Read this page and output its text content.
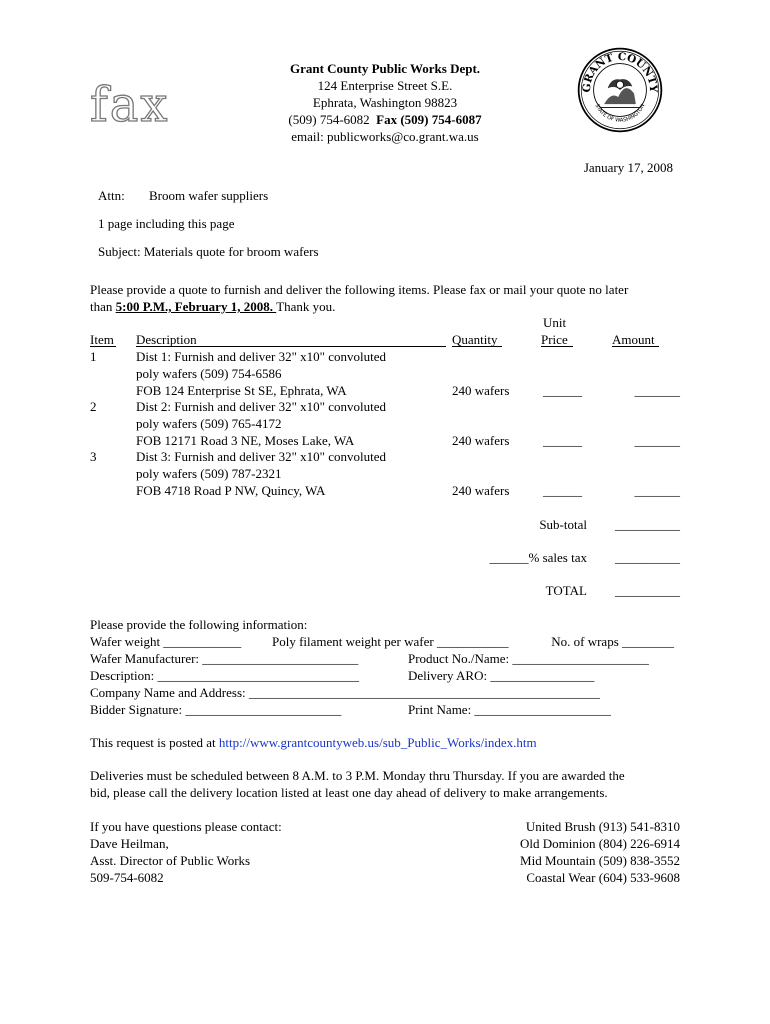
fax
Grant County Public Works Dept.
124 Enterprise Street S.E.
Ephrata, Washington 98823
(509) 754-6082 Fax (509) 754-6087
email: publicworks@co.grant.wa.us
GRANT COUNTY
STATE OF WASHINGTON
January 17, 2008
Attn: Broom wafer suppliers
1 page including this page
Subject: Materials quote for broom wafers
Please provide a quote to furnish and deliver the following items. Please fax or mail your quote no later
than 5:00 P.M., February 1, 2008. Thank you.
Unit
Item Description	Quantity	Price	Amount
1	Dist 1: Furnish and deliver 32" x10" convoluted
poly wafers (509) 754-6586
FOB 124 Enterprise St SE, Ephrata, WA	240 wafers	______	_______
2	Dist 2: Furnish and deliver 32" x10" convoluted
poly wafers (509) 765-4172
FOB 12171 Road 3 NE, Moses Lake, WA	240 wafers	______	_______
3	Dist 3: Furnish and deliver 32" x10" convoluted
poly wafers (509) 787-2321
FOB 4718 Road P NW, Quincy, WA	240 wafers	______	_______
Sub-total __________
______% sales tax __________
TOTAL __________
Please provide the following information:
Wafer weight ____________ Poly filament weight per wafer ___________	No. of wraps ________
Wafer Manufacturer: ________________________	Product No./Name: _____________________
Description: _______________________________	Delivery ARO: ________________
Company Name and Address: ______________________________________________________
Bidder Signature: ________________________	Print Name: _____________________
This request is posted at http://www.grantcountyweb.us/sub_Public_Works/index.htm
Deliveries must be scheduled between 8 A.M. to 3 P.M. Monday thru Thursday. If you are awarded the
bid, please call the delivery location listed at least one day ahead of delivery to make arrangements.
If you have questions please contact:
Dave Heilman,
Asst. Director of Public Works
509-754-6082
United Brush (913) 541-8310
Old Dominion (804) 226-6914
Mid Mountain (509) 838-3552
Coastal Wear (604) 533-9608
